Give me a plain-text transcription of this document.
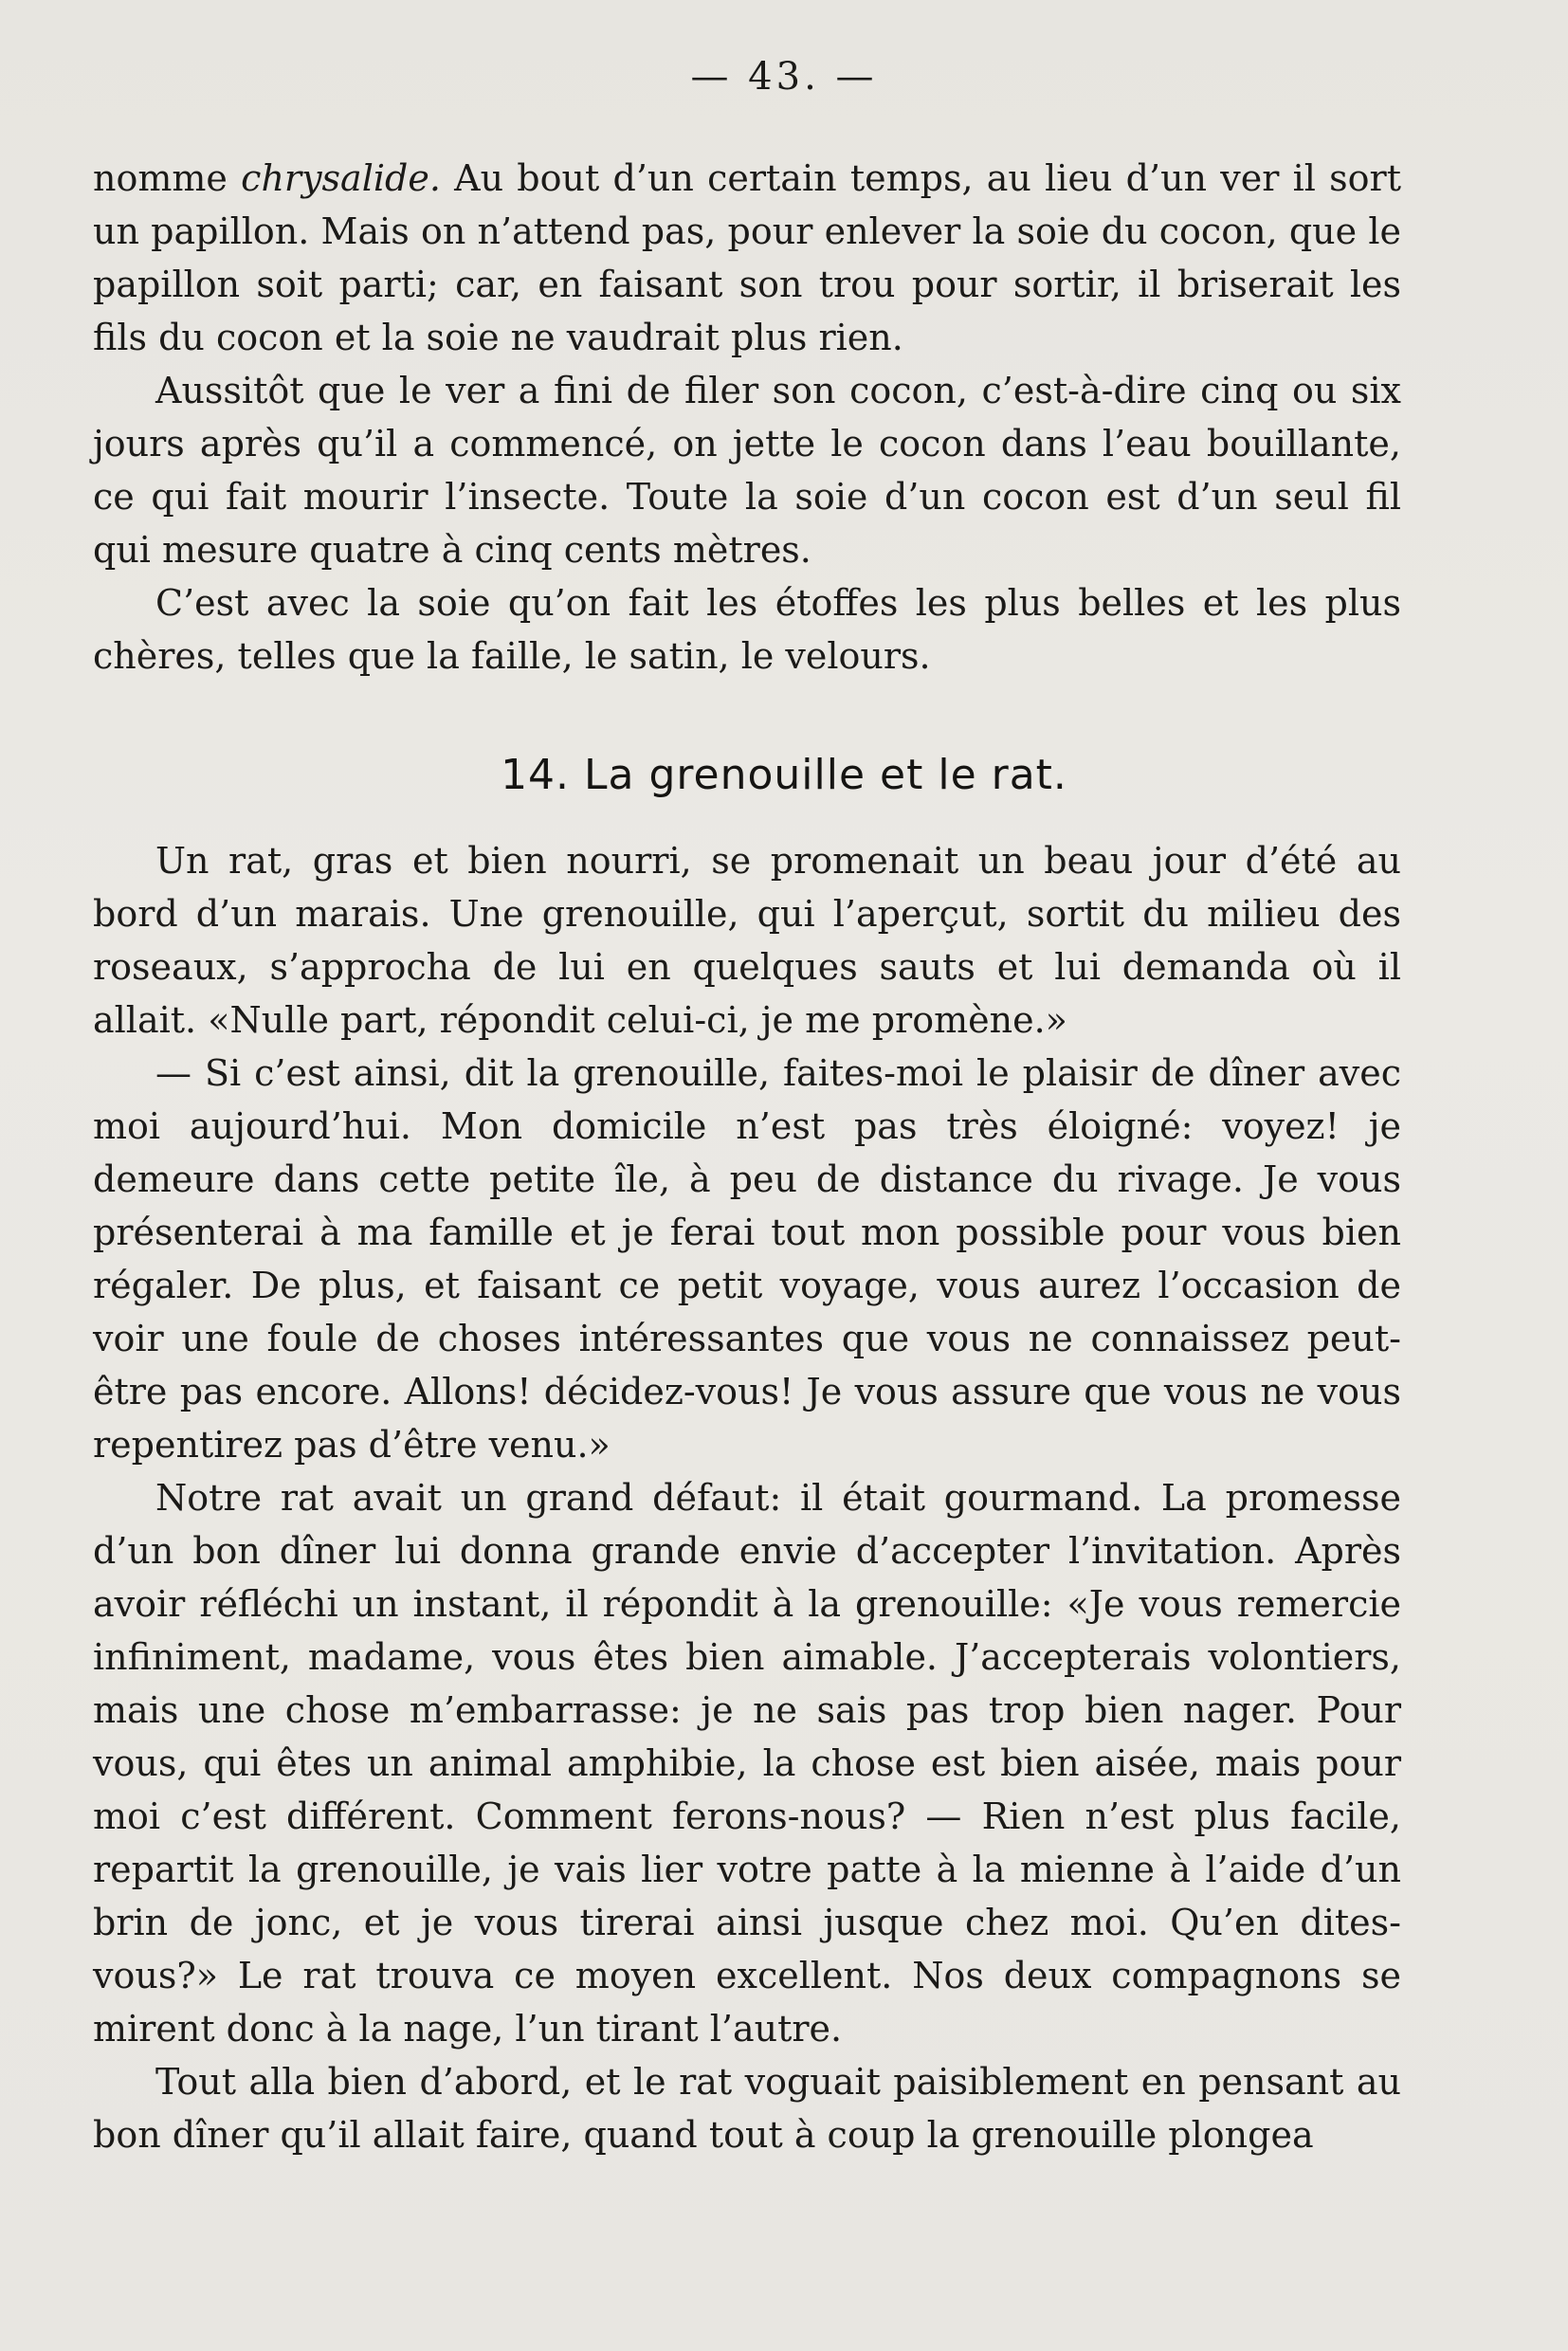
— 43. —

nomme chrysalide. Au bout d’un certain temps, au lieu d’un ver il sort un papillon. Mais on n’attend pas, pour enlever la soie du cocon, que le papillon soit parti; car, en faisant son trou pour sortir, il briserait les fils du cocon et la soie ne vaudrait plus rien.

Aussitôt que le ver a fini de filer son cocon, c’est-à-dire cinq ou six jours après qu’il a commencé, on jette le cocon dans l’eau bouillante, ce qui fait mourir l’insecte. Toute la soie d’un cocon est d’un seul fil qui mesure quatre à cinq cents mètres.

C’est avec la soie qu’on fait les étoffes les plus belles et les plus chères, telles que la faille, le satin, le velours.

14. La grenouille et le rat.

Un rat, gras et bien nourri, se promenait un beau jour d’été au bord d’un marais. Une grenouille, qui l’aperçut, sortit du milieu des roseaux, s’approcha de lui en quelques sauts et lui demanda où il allait. «Nulle part, répondit celui-ci, je me promène.»

— Si c’est ainsi, dit la grenouille, faites-moi le plaisir de dîner avec moi aujourd’hui. Mon domicile n’est pas très éloigné: voyez! je demeure dans cette petite île, à peu de distance du rivage. Je vous présenterai à ma famille et je ferai tout mon possible pour vous bien régaler. De plus, et faisant ce petit voyage, vous aurez l’occasion de voir une foule de choses intéressantes que vous ne connaissez peut-être pas encore. Allons! décidez-vous! Je vous assure que vous ne vous repentirez pas d’être venu.»

Notre rat avait un grand défaut: il était gourmand. La promesse d’un bon dîner lui donna grande envie d’accepter l’invitation. Après avoir réfléchi un instant, il répondit à la grenouille: «Je vous remercie infiniment, madame, vous êtes bien aimable. J’accepterais volontiers, mais une chose m’embarrasse: je ne sais pas trop bien nager. Pour vous, qui êtes un animal amphibie, la chose est bien aisée, mais pour moi c’est différent. Comment ferons-nous? — Rien n’est plus facile, repartit la grenouille, je vais lier votre patte à la mienne à l’aide d’un brin de jonc, et je vous tirerai ainsi jusque chez moi. Qu’en dites-vous?» Le rat trouva ce moyen excellent. Nos deux compagnons se mirent donc à la nage, l’un tirant l’autre.

Tout alla bien d’abord, et le rat voguait paisiblement en pensant au bon dîner qu’il allait faire, quand tout à coup la grenouille plongea
